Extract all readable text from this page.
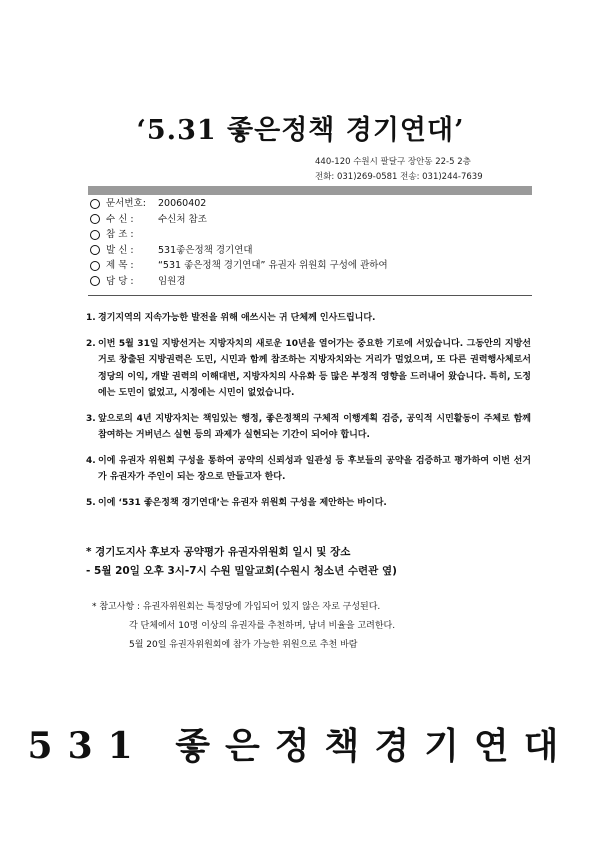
‘5.31 좋은정책 경기연대’
440-120 수원시 팔달구 장안동 22-5 2층
전화: 031)269-0581 전송: 031)244-7639
문서번호:	20060402
수 신 :	수신처 참조
참 조 :
발 신 :	531좋은정책 경기연대
제 목 :	“531 좋은정책 경기연대” 유권자 위원회 구성에 관하여
담 당 :	임원경
1. 경기지역의 지속가능한 발전을 위해 애쓰시는 귀 단체께 인사드립니다.
2. 이번 5월 31일 지방선거는 지방자치의 새로운 10년을 열어가는 중요한 기로에 서있습니다. 그동안의 지방선거로 창출된 지방권력은 도민, 시민과 함께 참조하는 지방자치와는 거리가 멀었으며, 또 다른 권력행사체로서 정당의 이익, 개발 권력의 이해대변, 지방자치의 사유화 등 많은 부정적 영향을 드러내어 왔습니다. 특히, 도정에는 도민이 없었고, 시정에는 시민이 없었습니다.
3. 앞으로의 4년 지방자치는 책임있는 행정, 좋은정책의 구체적 이행계획 검증, 공익적 시민활동이 주체로 함께 참여하는 거버넌스 실현 등의 과제가 실현되는 기간이 되어야 합니다.
4. 이에 유권자 위원회 구성을 통하여 공약의 신뢰성과 일관성 등 후보들의 공약을 검증하고 평가하여 이번 선거가 유권자가 주인이 되는 장으로 만들고자 한다.
5. 이에 ‘531 좋은정책 경기연대’는 유권자 위원회 구성을 제안하는 바이다.
* 경기도지사 후보자 공약평가 유권자위원회 일시 및 장소
- 5월 20일 오후 3시-7시 수원 밀알교회(수원시 청소년 수련관 옆)
* 참고사항 : 유권자위원회는 특정당에 가입되어 있지 않은 자로 구성된다.
각 단체에서 10명 이상의 유권자를 추천하며, 남녀 비율을 고려한다.
5월 20일 유권자위원회에 참가 가능한 위원으로 추천 바람
531 좋은정책경기연대
